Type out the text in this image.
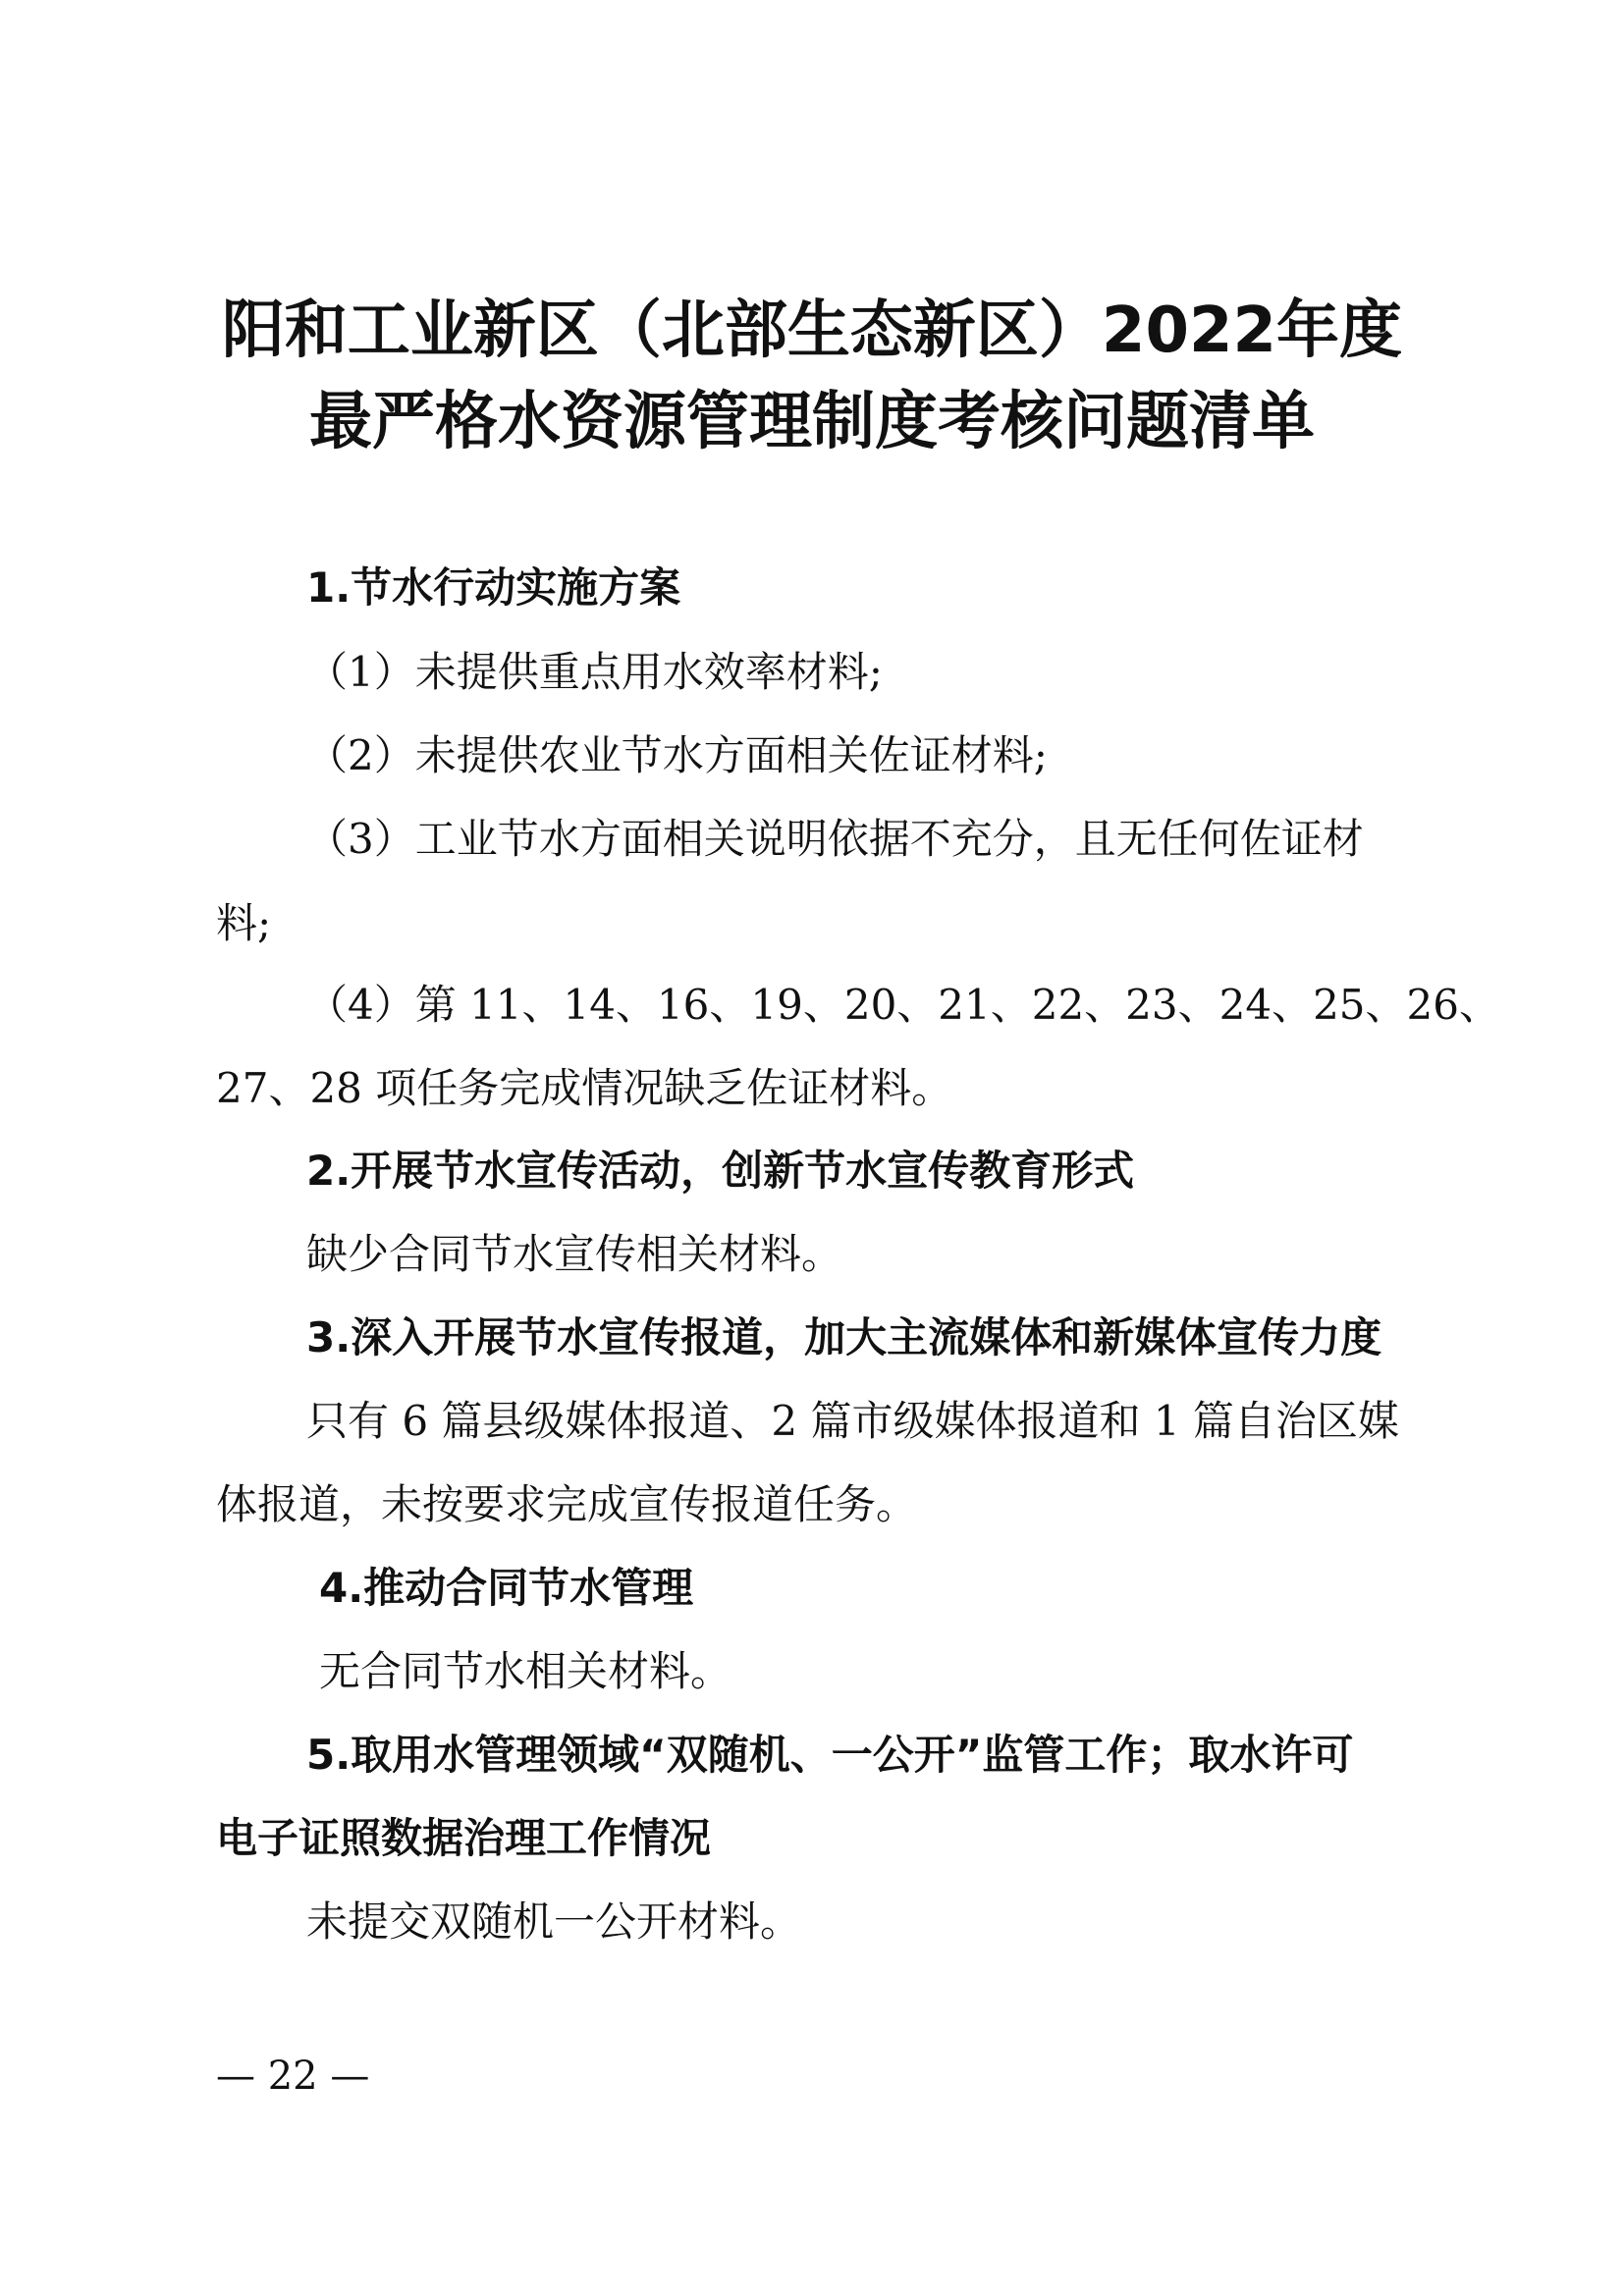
阳和工业新区（北部生态新区）2022年度
最严格水资源管理制度考核问题清单
1.节水行动实施方案
（1）未提供重点用水效率材料;
（2）未提供农业节水方面相关佐证材料;
（3）工业节水方面相关说明依据不充分，且无任何佐证材
料;
（4）第 11、14、16、19、20、21、22、23、24、25、26、
27、28 项任务完成情况缺乏佐证材料。
2.开展节水宣传活动，创新节水宣传教育形式
缺少合同节水宣传相关材料。
3.深入开展节水宣传报道，加大主流媒体和新媒体宣传力度
只有 6 篇县级媒体报道、2 篇市级媒体报道和 1 篇自治区媒
体报道，未按要求完成宣传报道任务。
4.推动合同节水管理
无合同节水相关材料。
5.取用水管理领域“双随机、一公开”监管工作；取水许可
电子证照数据治理工作情况
未提交双随机一公开材料。
— 22 —
